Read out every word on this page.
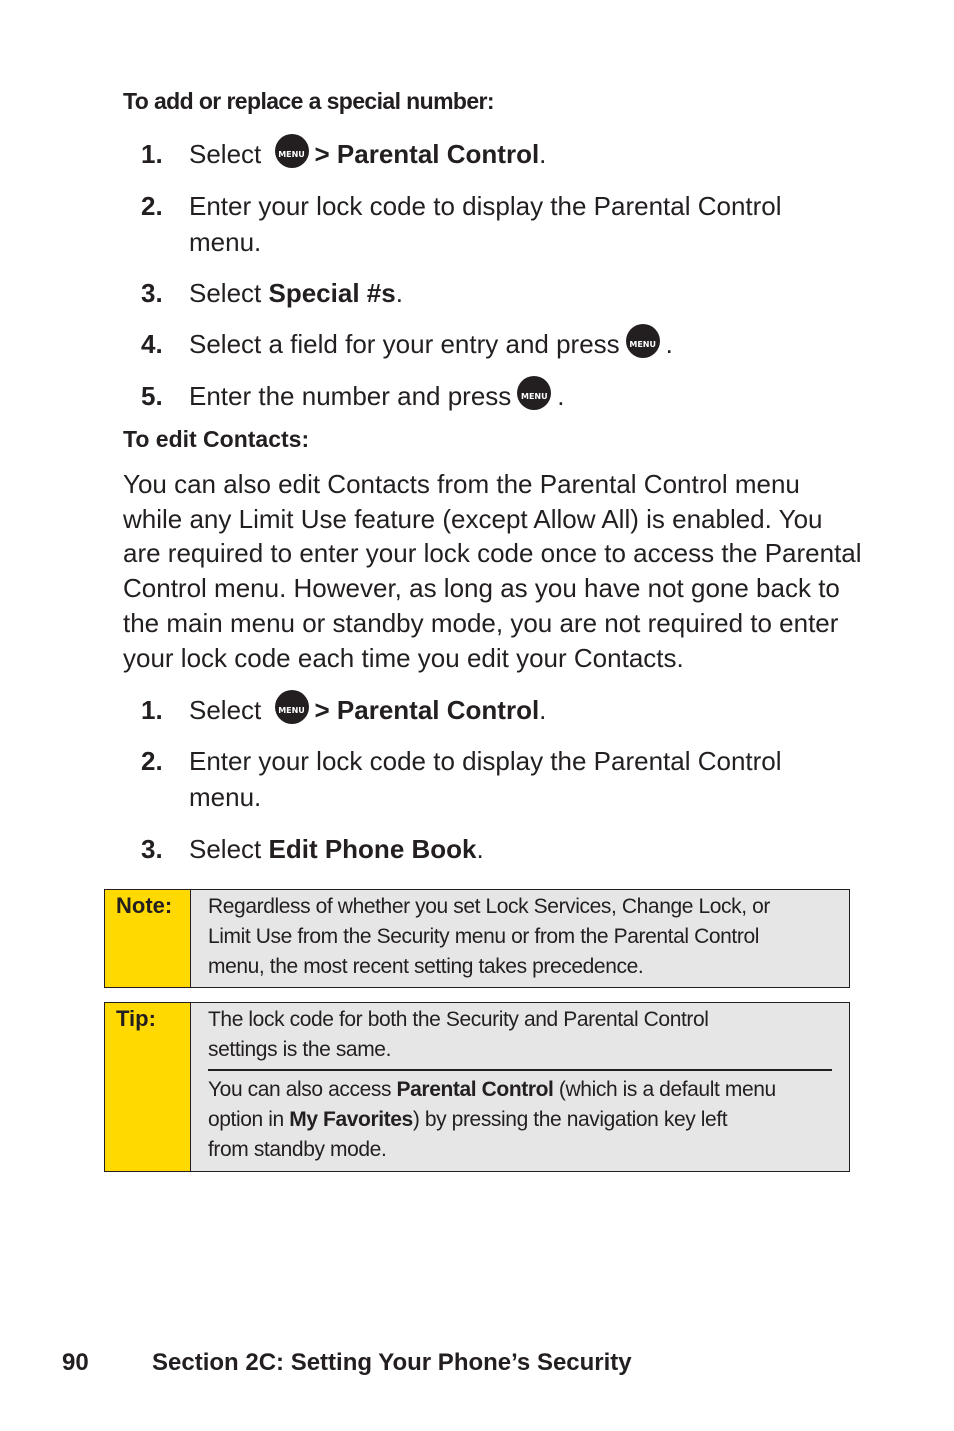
To add or replace a special number:
1. Select	MENU

OK
> Parental Control.
2. Enter your lock code to display the Parental Control
menu.
3. Select Special #s.
4. Select a field for your entry and press	MENU

OK
.
5. Enter the number and press	MENU

OK
.
To edit Contacts:
You can also edit Contacts from the Parental Control menu while any Limit Use feature (except Allow All) is enabled. You are required to enter your lock code once to access the Parental Control menu. However, as long as you have not gone back to the main menu or standby mode, you are not required to enter your lock code each time you edit your Contacts.
1. Select	MENU

OK
> Parental Control.
2. Enter your lock code to display the Parental Control
menu.
3. Select Edit Phone Book.
Note: Regardless of whether you set Lock Services, Change Lock, or
Limit Use from the Security menu or from the Parental Control
menu, the most recent setting takes precedence.
Tip: The lock code for both the Security and Parental Control
settings is the same.
You can also access Parental Control (which is a default menu
option in My Favorites) by pressing the navigation key left
from standby mode.
90	Section 2C: Setting Your Phone’s Security
